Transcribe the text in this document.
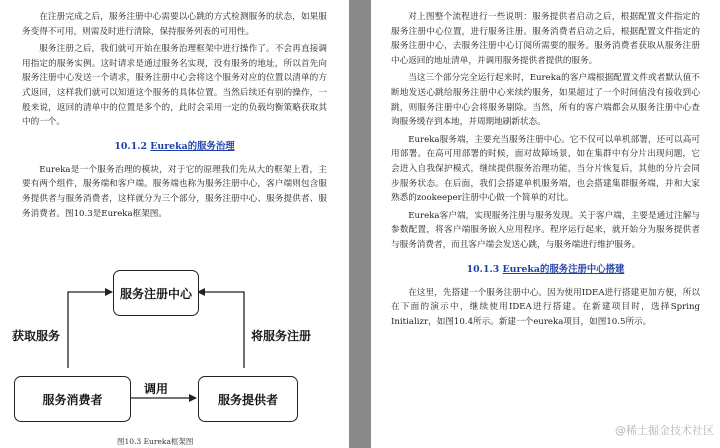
在注册完成之后，服务注册中心需要以心跳的方式检测服务的状态，如果服务变得不可用，则需及时进行清除，保持服务列表的可用性。

服务注册之后，我们就可开始在服务治理框架中进行操作了。不会再直接调用指定的服务实例。这时请求是通过服务名实现，没有服务的地址，所以首先向服务注册中心发送一个请求，服务注册中心会将这个服务对应的位置以清单的方式返回，这样我们就可以知道这个服务的具体位置。当然后续还有别的操作，一般来说，返回的清单中的位置是多个的，此时会采用一定的负载均衡策略获取其中的一个。

10.1.2 Eureka的服务治理

Eureka是一个服务治理的模块，对于它的原理我们先从大的框架上看，主要有两个组件，服务端和客户端。服务端也称为服务注册中心，客户端则包含服务提供者与服务消费者，这样就分为三个部分，服务注册中心、服务提供者、服务消费者。图10.3是Eureka框架图。

服务注册中心
服务消费者	服务提供者
获取服务	将服务注册
调用
图10.3 Eureka框架图

对上图整个流程进行一些说明：服务提供者启动之后，根据配置文件指定的服务注册中心位置，进行服务注册。服务消费者启动之后，根据配置文件指定的服务注册中心，去服务注册中心订阅所需要的服务。服务消费者获取从服务注册中心返回的地址清单，并调用服务提供者提供的服务。

当这三个部分完全运行起来时，Eureka的客户端根据配置文件或者默认值不断地发送心跳给服务注册中心来续约服务，如果超过了一个时间值没有接收到心跳，则服务注册中心会将服务剔除。当然，所有的客户端都会从服务注册中心查询服务缓存到本地，并周期地刷新状态。

Eureka服务端，主要充当服务注册中心。它不仅可以单机部署，还可以高可用部署。在高可用部署的时候，面对故障场景，如在集群中有分片出现问题，它会进入自我保护模式，继续提供服务治理功能，当分片恢复后，其他的分片会同步服务状态。在后面，我们会搭建单机服务端，也会搭建集群服务端，并和大家熟悉的zookeeper注册中心做一个简单的对比。

Eureka客户端，实现服务注册与服务发现。关于客户端，主要是通过注解与参数配置，将客户端服务嵌入应用程序。程序运行起来，就开始分为服务提供者与服务消费者，而且客户端会发送心跳，与服务端进行维护服务。

10.1.3 Eureka的服务注册中心搭建

在这里，先搭建一个服务注册中心。因为使用IDEA进行搭建更加方便，所以在下面的演示中，继续使用IDEA进行搭建。在新建项目时，选择Spring Initializr，如图10.4所示。新建一个eureka项目，如图10.5所示。

@稀土掘金技术社区
